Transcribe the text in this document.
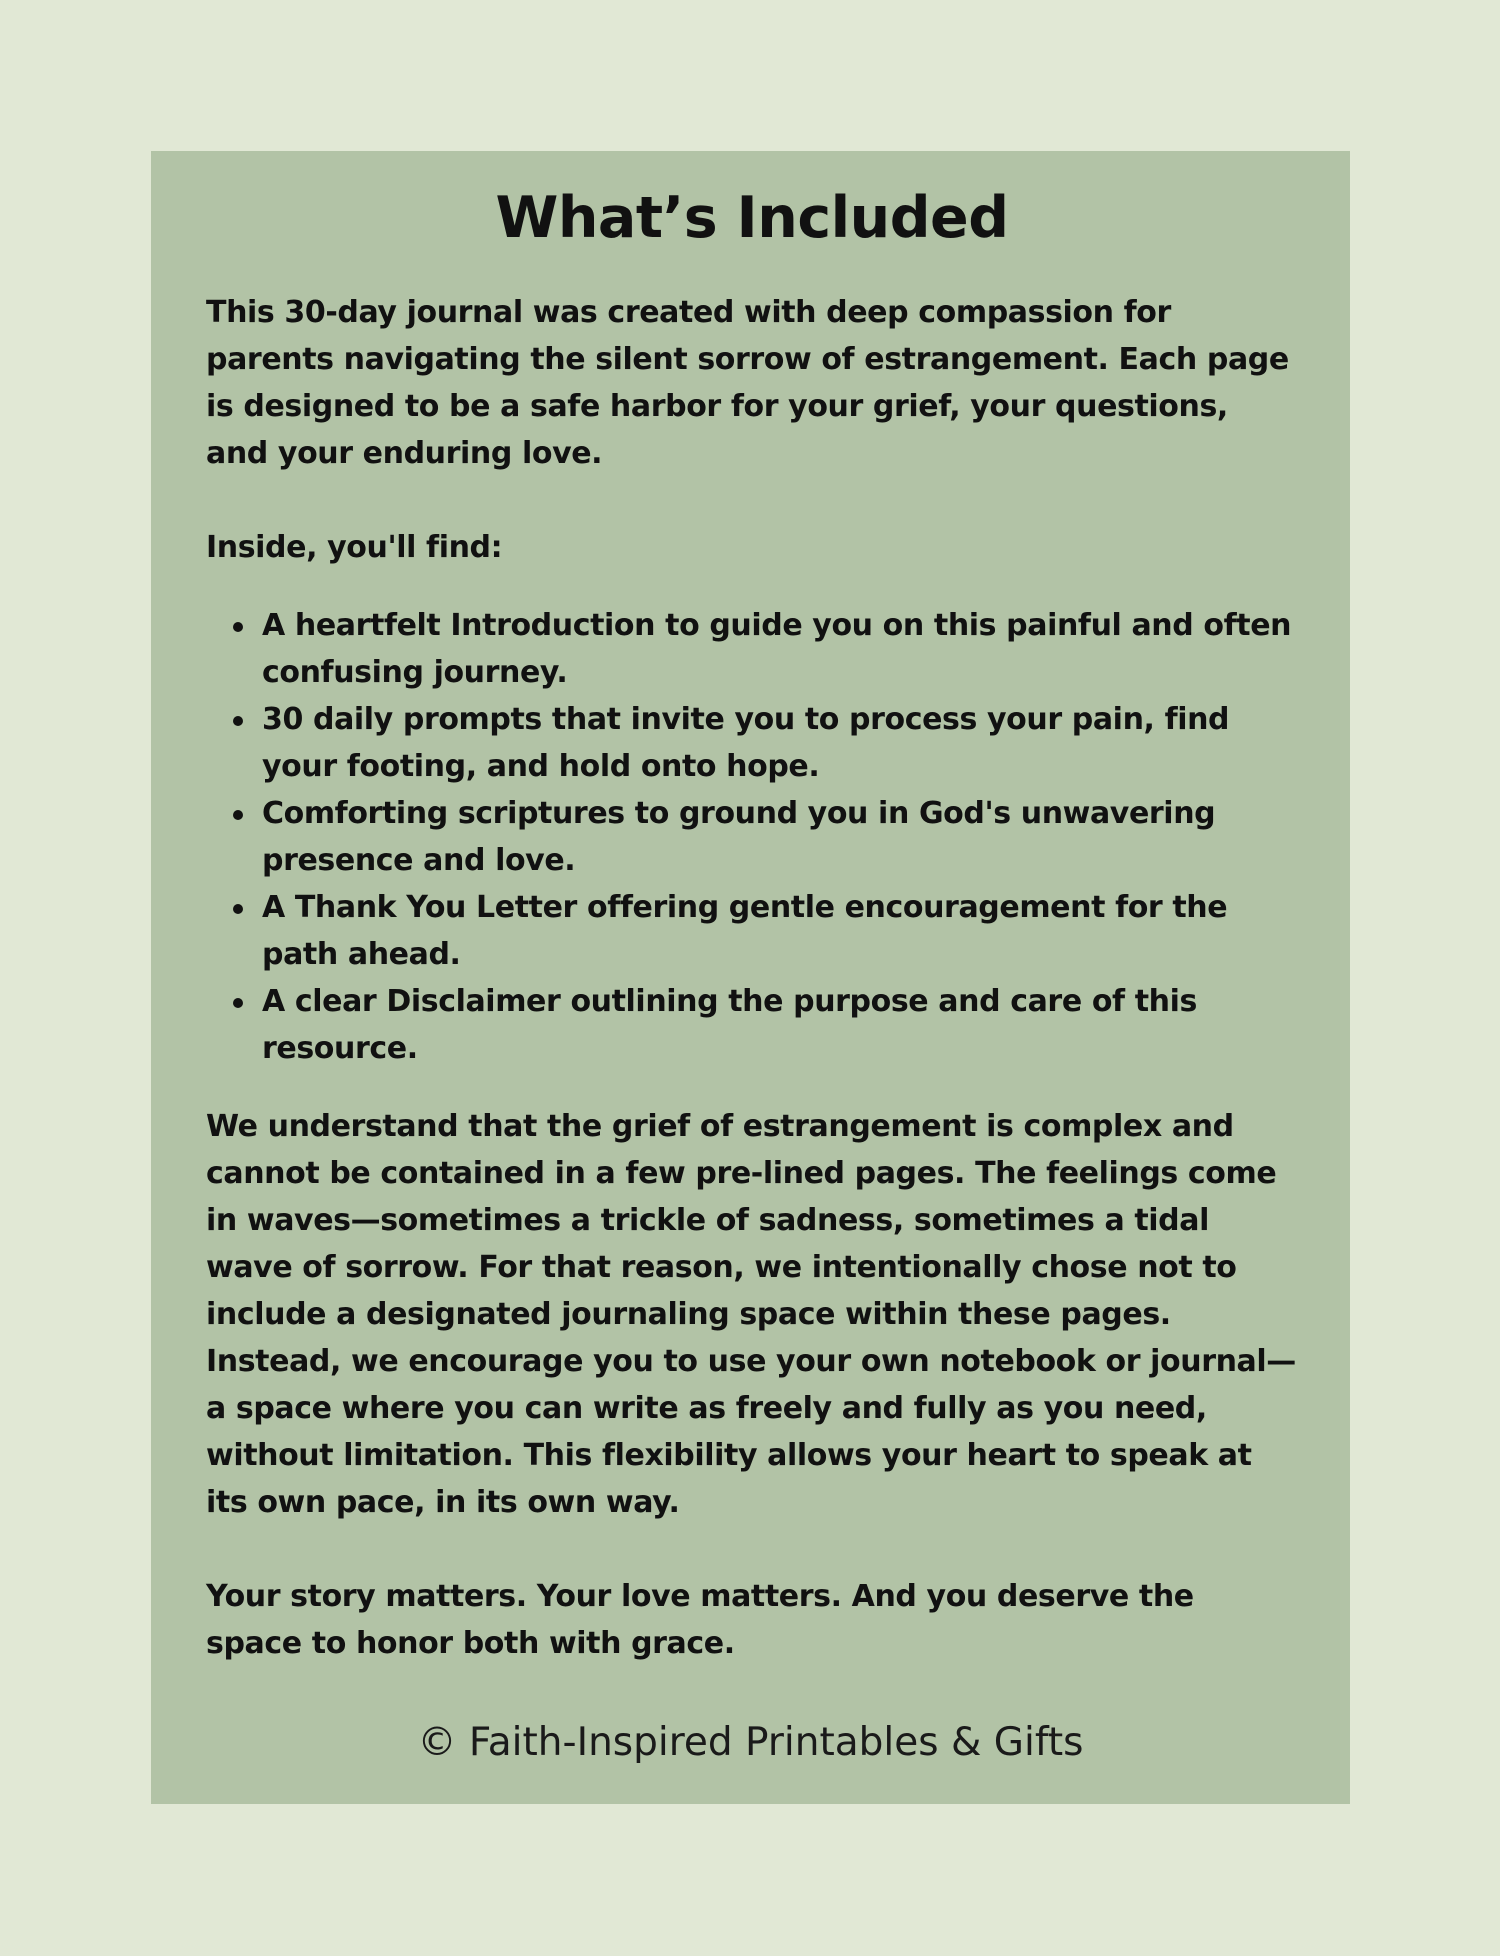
What’s Included

This 30-day journal was created with deep compassion for parents navigating the silent sorrow of estrangement. Each page is designed to be a safe harbor for your grief, your questions, and your enduring love.

Inside, you'll find:

A heartfelt Introduction to guide you on this painful and often confusing journey.
30 daily prompts that invite you to process your pain, find your footing, and hold onto hope.
Comforting scriptures to ground you in God's unwavering presence and love.
A Thank You Letter offering gentle encouragement for the path ahead.
A clear Disclaimer outlining the purpose and care of this resource.

We understand that the grief of estrangement is complex and cannot be contained in a few pre-lined pages. The feelings come in waves—sometimes a trickle of sadness, sometimes a tidal wave of sorrow. For that reason, we intentionally chose not to include a designated journaling space within these pages. Instead, we encourage you to use your own notebook or journal—a space where you can write as freely and fully as you need, without limitation. This flexibility allows your heart to speak at its own pace, in its own way.

Your story matters. Your love matters. And you deserve the space to honor both with grace.

© Faith-Inspired Printables & Gifts
